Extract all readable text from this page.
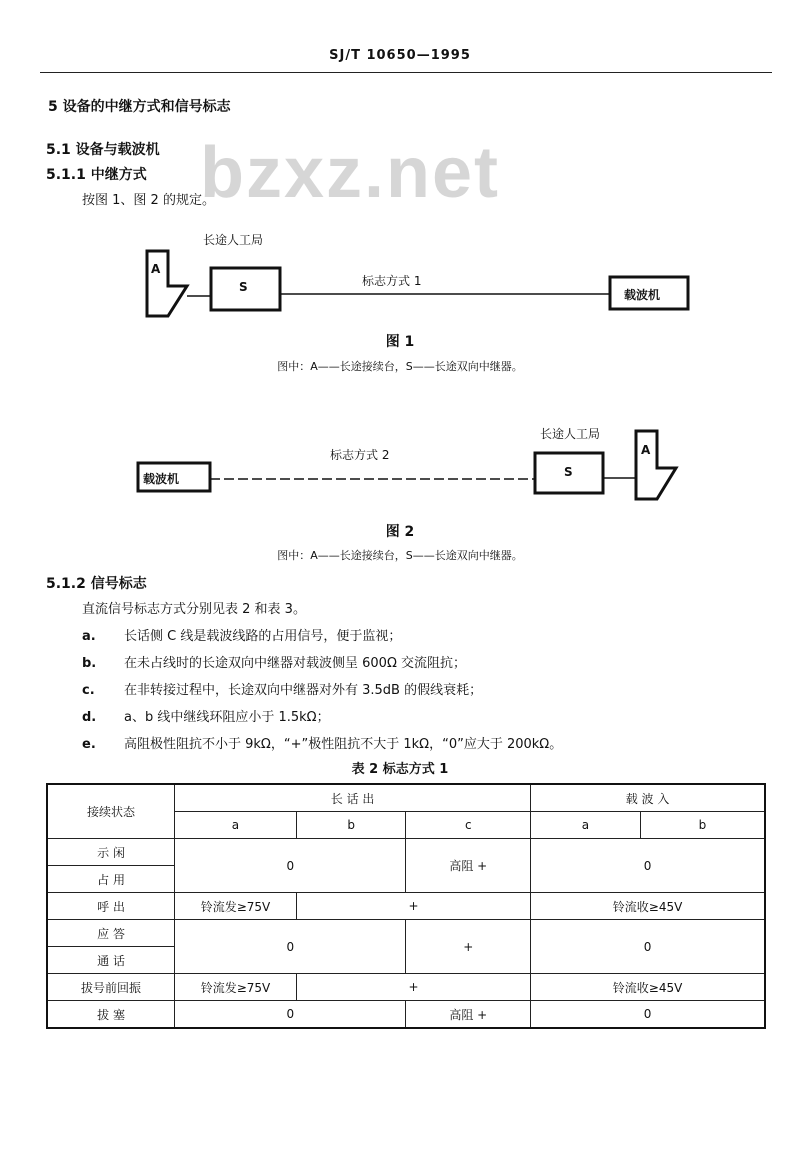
SJ/T 10650—1995
bzxz.net
5 设备的中继方式和信号标志
5.1 设备与载波机
5.1.1 中继方式
按图 1、图 2 的规定。
长途人工局
A
S	标志方式 1
载波机
图 1
图中：A——长途接续台，S——长途双向中继器。
载波机
标志方式 2
长途人工局
S
A
图 2
图中：A——长途接续台，S——长途双向中继器。
5.1.2 信号标志
直流信号标志方式分别见表 2 和表 3。
a. 长话侧 C 线是载波线路的占用信号，便于监视；
b. 在未占线时的长途双向中继器对载波侧呈 600Ω 交流阻抗；
c. 在非转接过程中，长途双向中继器对外有 3.5dB 的假线衰耗；
d. a、b 线中继线环阻应小于 1.5kΩ；
e. 高阻极性阻抗不小于 9kΩ，“+”极性阻抗不大于 1kΩ，“0”应大于 200kΩ。
表 2 标志方式 1
接续状态	长 话 出			载 波 入	
	a	b	c	a	b
示 闲	0		高阻 +	0	
占 用					
呼 出	铃流发≥75V	+		铃流收≥45V	
应 答	0		+	0	
通 话					
拔号前回振	铃流发≥75V	+		铃流收≥45V	
拔 塞	0		高阻 +	0	
